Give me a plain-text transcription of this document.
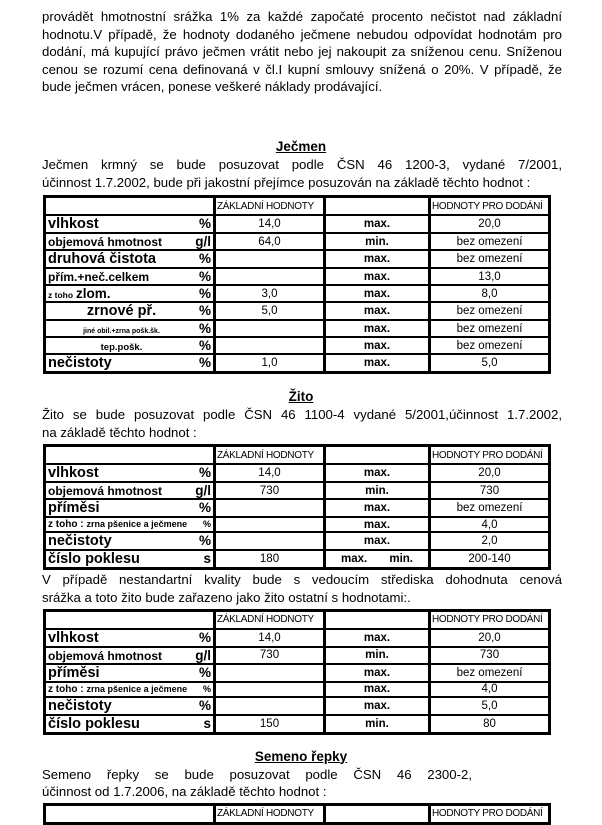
provádět hmotnostní srážka 1% za každé započaté procento nečistot nad základní
hodnotu.V případě, že hodnoty dodaného ječmene nebudou odpovídat hodnotám pro
dodání, má kupující právo ječmen vrátit nebo jej nakoupit za sníženou cenu. Sníženou
cenou se rozumí cena definovaná v čl.I kupní smlouvy snížená o 20%. V případě, že
bude ječmen vrácen, ponese veškeré náklady prodávající.
Ječmen
Ječmen krmný se bude posuzovat podle ČSN 46 1200-3, vydané 7/2001,
účinnost 1.7.2002, bude při jakostní přejímce posuzován na základě těchto hodnot :
	ZÁKLADNÍ HODNOTY		HODNOTY PRO DODÁNÍ

vlhkost %	14,0	max.	20,0

objemová hmotnost g/l	64,0	min.	bez omezení

druhová čistota %		max.	bez omezení

přím.+neč.celkem %		max.	13,0

z toho zlom. %	3,0	max.	8,0

zrnové př. %	5,0	max.	bez omezení

jiné obil.+zrna pošk.šk. %		max.	bez omezení

tep.pošk. %		max.	bez omezení

nečistoty %	1,0	max.	5,0
Žito
Žito se bude posuzovat podle ČSN 46 1100-4 vydané 5/2001,účinnost 1.7.2002,
na základě těchto hodnot :
	ZÁKLADNÍ HODNOTY		HODNOTY PRO DODÁNÍ

vlhkost %	14,0	max.	20,0

objemová hmotnost g/l	730	min.	730

příměsi %		max.	bez omezení

z toho : zrna pšenice a ječmene %		max.	4,0

nečistoty %		max.	2,0

číslo poklesu s	180	max. min.	200-140
V případě nestandartní kvality bude s vedoucím střediska dohodnuta cenová
srážka a toto žito bude zařazeno jako žito ostatní s hodnotami:.
	ZÁKLADNÍ HODNOTY		HODNOTY PRO DODÁNÍ

vlhkost %	14,0	max.	20,0

objemová hmotnost g/l	730	min.	730

příměsi %		max.	bez omezení

z toho : zrna pšenice a ječmene %		max.	4,0

nečistoty %		max.	5,0

číslo poklesu s	150	min.	80
Semeno řepky
Semeno řepky se bude posuzovat podle ČSN 46 2300-2,
účinnost od 1.7.2006, na základě těchto hodnot :
	ZÁKLADNÍ HODNOTY		HODNOTY PRO DODÁNÍ
